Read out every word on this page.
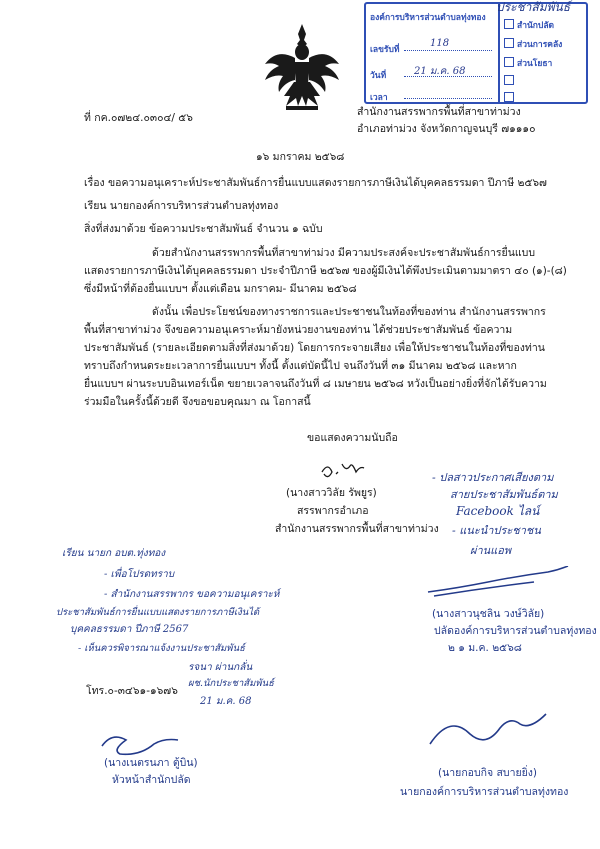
องค์การบริหารส่วนตำบลทุ่งทอง
เลขรับที่
118
วันที่	21 ม.ค. 68
เวลา
ประชาสัมพันธ์
สำนักปลัด
ส่วนการคลัง
ส่วนโยธา
ที่ กค.๐๗๒๔.๐๓๐๔/ ๕๖	สำนักงานสรรพากรพื้นที่สาขาท่าม่วง
อำเภอท่าม่วง จังหวัดกาญจนบุรี ๗๑๑๑๐
๑๖ มกราคม ๒๕๖๘
เรื่อง ขอความอนุเคราะห์ประชาสัมพันธ์การยื่นแบบแสดงรายการภาษีเงินได้บุคคลธรรมดา ปีภาษี ๒๕๖๗
เรียน นายกองค์การบริหารส่วนตำบลทุ่งทอง
สิ่งที่ส่งมาด้วย ข้อความประชาสัมพันธ์ จำนวน ๑ ฉบับ
ด้วยสำนักงานสรรพากรพื้นที่สาขาท่าม่วง มีความประสงค์จะประชาสัมพันธ์การยื่นแบบ
แสดงรายการภาษีเงินได้บุคคลธรรมดา ประจำปีภาษี ๒๕๖๗ ของผู้มีเงินได้พึงประเมินตามมาตรา ๔๐ (๑)-(๘)
ซึ่งมีหน้าที่ต้องยื่นแบบฯ ตั้งแต่เดือน มกราคม- มีนาคม ๒๕๖๘
ดังนั้น เพื่อประโยชน์ของทางราชการและประชาชนในท้องที่ของท่าน สำนักงานสรรพากร
พื้นที่สาขาท่าม่วง จึงขอความอนุเคราะห์มายังหน่วยงานของท่าน ได้ช่วยประชาสัมพันธ์ ข้อความ
ประชาสัมพันธ์ (รายละเอียดตามสิ่งที่ส่งมาด้วย) โดยการกระจายเสียง เพื่อให้ประชาชนในท้องที่ของท่าน
ทราบถึงกำหนดระยะเวลาการยื่นแบบฯ ทั้งนี้ ตั้งแต่บัดนี้ไป จนถึงวันที่ ๓๑ มีนาคม ๒๕๖๘ และหาก
ยื่นแบบฯ ผ่านระบบอินเทอร์เน็ต ขยายเวลาจนถึงวันที่ ๘ เมษายน ๒๕๖๘ หวังเป็นอย่างยิ่งที่จักได้รับความ
ร่วมมือในครั้งนี้ด้วยดี จึงขอขอบคุณมา ณ โอกาสนี้
ขอแสดงความนับถือ
(นางสาววิลัย รัพยูร)
สรรพากรอำเภอ
สำนักงานสรรพากรพื้นที่สาขาท่าม่วง
- ปลสาวประกาศเสียงตาม
สายประชาสัมพันธ์ตาม
Facebook ไลน์
- แนะนำประชาชน
ผ่านแอพ
เรียน นายก อบต.ทุ่งทอง
- เพื่อโปรดทราบ
- สำนักงานสรรพากร ขอความอนุเคราะห์
ประชาสัมพันธ์การยื่นแบบแสดงรายการภาษีเงินได้
บุคคลธรรมดา ปีภาษี 2567
- เห็นควรพิจารณาแจ้งงานประชาสัมพันธ์
รจนา ผ่านกลั่น
ผช.นักประชาสัมพันธ์
21 ม.ค. 68
โทร.๐-๓๔๖๑-๑๖๗๖
(นางสาวนุชลิน วงษ์วิลัย)
ปลัดองค์การบริหารส่วนตำบลทุ่งทอง
๒ ๑ ม.ค. ๒๕๖๘
(นางเนตรนภา ตู้บิน)
หัวหน้าสำนักปลัด
(นายกอบกิจ สบายยิ่ง)
นายกองค์การบริหารส่วนตำบลทุ่งทอง
